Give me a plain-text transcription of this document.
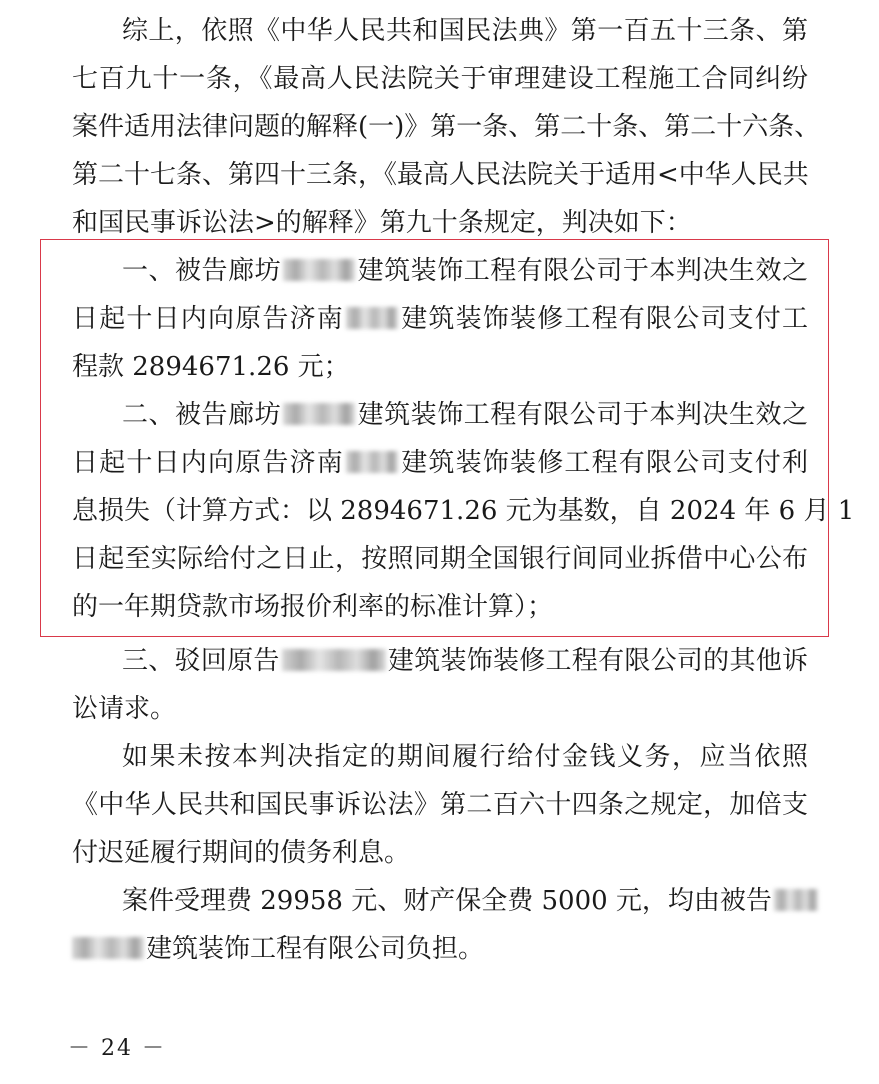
综上，依照《中华人民共和国民法典》第一百五十三条、第
七百九十一条，《最高人民法院关于审理建设工程施工合同纠纷
案件适用法律问题的解释(一)》第一条、第二十条、第二十六条、
第二十七条、第四十三条，《最高人民法院关于适用<中华人民共
和国民事诉讼法>的解释》第九十条规定，判决如下：
一、被告廊坊	建筑装饰工程有限公司于本判决生效之
日起十日内向原告济南 建筑装饰装修工程有限公司支付工
程款 2894671.26 元；
二、被告廊坊	建筑装饰工程有限公司于本判决生效之
日起十日内向原告济南 建筑装饰装修工程有限公司支付利
息损失（计算方式：以 2894671.26 元为基数，自 2024 年 6 月 1
日起至实际给付之日止，按照同期全国银行间同业拆借中心公布
的一年期贷款市场报价利率的标准计算）；
三、驳回原告	建筑装饰装修工程有限公司的其他诉
讼请求。
如果未按本判决指定的期间履行给付金钱义务，应当依照
《中华人民共和国民事诉讼法》第二百六十四条之规定，加倍支
付迟延履行期间的债务利息。
案件受理费 29958 元、财产保全费 5000 元，均由被告
建筑装饰工程有限公司负担。
－ 24 －
